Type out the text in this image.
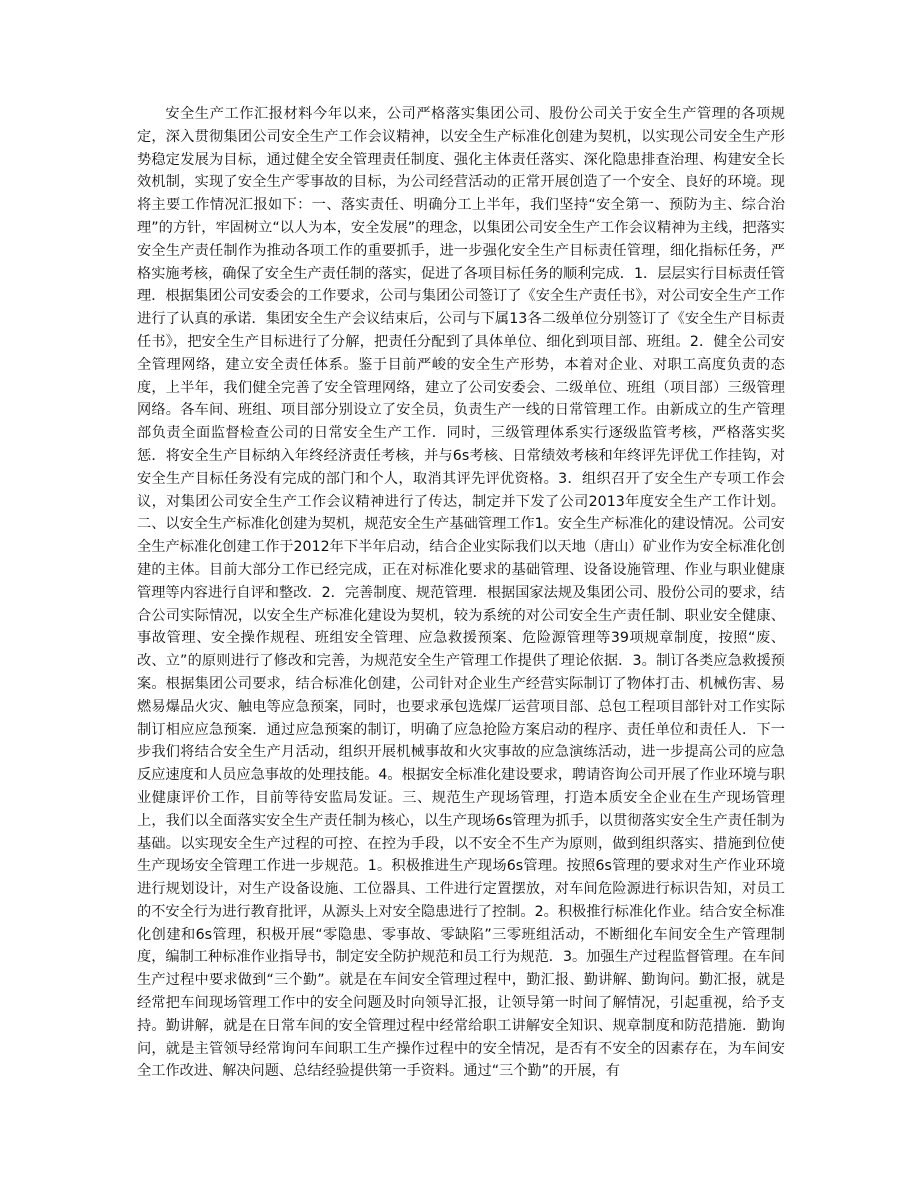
安全生产工作汇报材料今年以来，公司严格落实集团公司、股份公司关于安全生产管理的各项规定，深入贯彻集团公司安全生产工作会议精神，以安全生产标准化创建为契机，以实现公司安全生产形势稳定发展为目标，通过健全安全管理责任制度、强化主体责任落实、深化隐患排查治理、构建安全长效机制，实现了安全生产零事故的目标，为公司经营活动的正常开展创造了一个安全、良好的环境。现将主要工作情况汇报如下：一、落实责任、明确分工上半年，我们坚持“安全第一、预防为主、综合治理”的方针，牢固树立“以人为本，安全发展”的理念，以集团公司安全生产工作会议精神为主线，把落实安全生产责任制作为推动各项工作的重要抓手，进一步强化安全生产目标责任管理，细化指标任务，严格实施考核，确保了安全生产责任制的落实，促进了各项目标任务的顺利完成．1．层层实行目标责任管理．根据集团公司安委会的工作要求，公司与集团公司签订了《安全生产责任书》，对公司安全生产工作进行了认真的承诺．集团安全生产会议结束后，公司与下属13各二级单位分别签订了《安全生产目标责任书》，把安全生产目标进行了分解，把责任分配到了具体单位、细化到项目部、班组。2．健全公司安全管理网络，建立安全责任体系。鉴于目前严峻的安全生产形势，本着对企业、对职工高度负责的态度，上半年，我们健全完善了安全管理网络，建立了公司安委会、二级单位、班组（项目部）三级管理网络。各车间、班组、项目部分别设立了安全员，负责生产一线的日常管理工作。由新成立的生产管理部负责全面监督检查公司的日常安全生产工作．同时，三级管理体系实行逐级监管考核，严格落实奖惩．将安全生产目标纳入年终经济责任考核，并与6s考核、日常绩效考核和年终评先评优工作挂钩，对安全生产目标任务没有完成的部门和个人，取消其评先评优资格。3．组织召开了安全生产专项工作会议，对集团公司安全生产工作会议精神进行了传达，制定并下发了公司2013年度安全生产工作计划。二、以安全生产标准化创建为契机，规范安全生产基础管理工作1。安全生产标准化的建设情况。公司安全生产标准化创建工作于2012年下半年启动，结合企业实际我们以天地（唐山）矿业作为安全标准化创建的主体。目前大部分工作已经完成，正在对标准化要求的基础管理、设备设施管理、作业与职业健康管理等内容进行自评和整改．2．完善制度、规范管理．根据国家法规及集团公司、股份公司的要求，结合公司实际情况，以安全生产标准化建设为契机，较为系统的对公司安全生产责任制、职业安全健康、事故管理、安全操作规程、班组安全管理、应急救援预案、危险源管理等39项规章制度，按照“废、改、立”的原则进行了修改和完善，为规范安全生产管理工作提供了理论依据．3。制订各类应急救援预案。根据集团公司要求，结合标准化创建，公司针对企业生产经营实际制订了物体打击、机械伤害、易燃易爆品火灾、触电等应急预案，同时，也要求承包选煤厂运营项目部、总包工程项目部针对工作实际制订相应应急预案．通过应急预案的制订，明确了应急抢险方案启动的程序、责任单位和责任人．下一步我们将结合安全生产月活动，组织开展机械事故和火灾事故的应急演练活动，进一步提高公司的应急反应速度和人员应急事故的处理技能。4。根据安全标准化建设要求，聘请咨询公司开展了作业环境与职业健康评价工作，目前等待安监局发证。三、规范生产现场管理，打造本质安全企业在生产现场管理上，我们以全面落实安全生产责任制为核心，以生产现场6s管理为抓手，以贯彻落实安全生产责任制为基础。以实现安全生产过程的可控、在控为手段，以不安全不生产为原则，做到组织落实、措施到位使生产现场安全管理工作进一步规范。1。积极推进生产现场6s管理。按照6s管理的要求对生产作业环境进行规划设计，对生产设备设施、工位器具、工件进行定置摆放，对车间危险源进行标识告知，对员工的不安全行为进行教育批评，从源头上对安全隐患进行了控制。2。积极推行标准化作业。结合安全标准化创建和6s管理，积极开展“零隐患、零事故、零缺陷”三零班组活动，不断细化车间安全生产管理制度，编制工种标准作业指导书，制定安全防护规范和员工行为规范．3。加强生产过程监督管理。在车间生产过程中要求做到“三个勤”。就是在车间安全管理过程中，勤汇报、勤讲解、勤询问。勤汇报，就是经常把车间现场管理工作中的安全问题及时向领导汇报，让领导第一时间了解情况，引起重视，给予支持。勤讲解，就是在日常车间的安全管理过程中经常给职工讲解安全知识、规章制度和防范措施．勤询问，就是主管领导经常询问车间职工生产操作过程中的安全情况，是否有不安全的因素存在，为车间安全工作改进、解决问题、总结经验提供第一手资料。通过“三个勤”的开展，有
